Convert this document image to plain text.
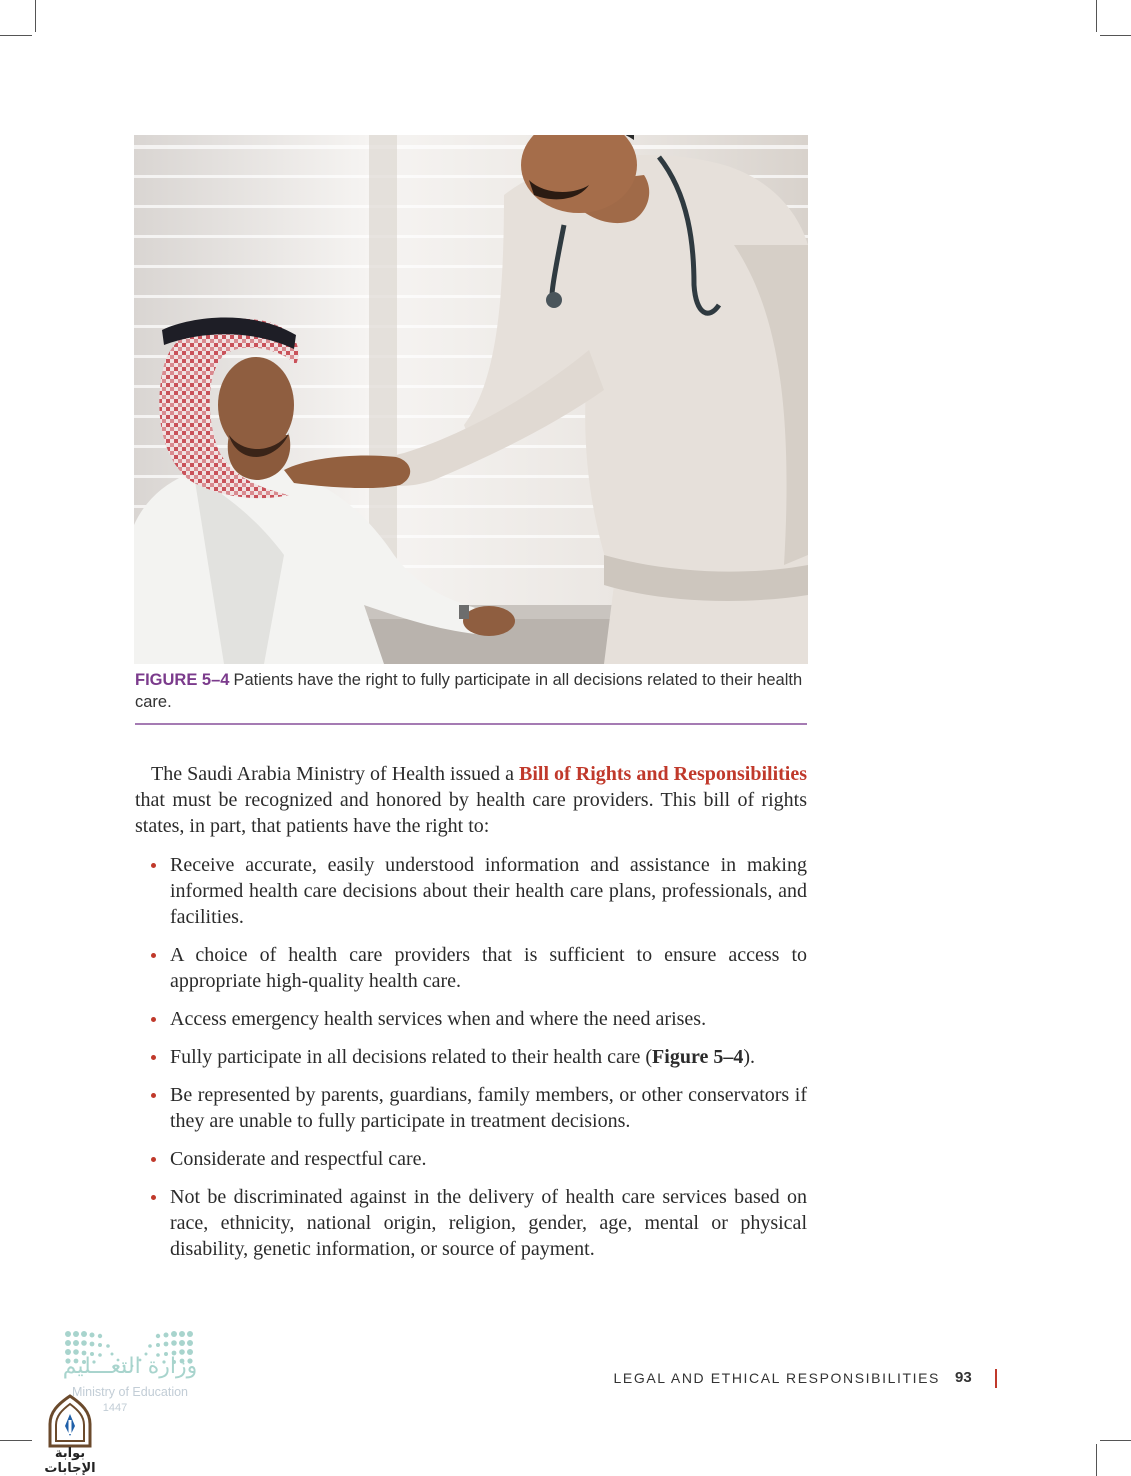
FIGURE 5–4 Patients have the right to fully participate in all decisions related to their health care.

The Saudi Arabia Ministry of Health issued a Bill of Rights and Responsibilities that must be recognized and honored by health care providers. This bill of rights states, in part, that patients have the right to:

Receive accurate, easily understood information and assistance in making informed health care decisions about their health care plans, professionals, and facilities.
A choice of health care providers that is sufficient to ensure access to appropriate high-quality health care.
Access emergency health services when and where the need arises.
Fully participate in all decisions related to their health care (Figure 5–4).
Be represented by parents, guardians, family members, or other conservators if they are unable to fully participate in treatment decisions.
Considerate and respectful care.
Not be discriminated against in the delivery of health care services based on race, ethnicity, national origin, religion, gender, age, mental or physical disability, genetic information, or source of payment.
وزارة التعـــليم
Ministry of Education
1447
بوابة الإجابات
LEGAL AND ETHICAL RESPONSIBILITIES 93
